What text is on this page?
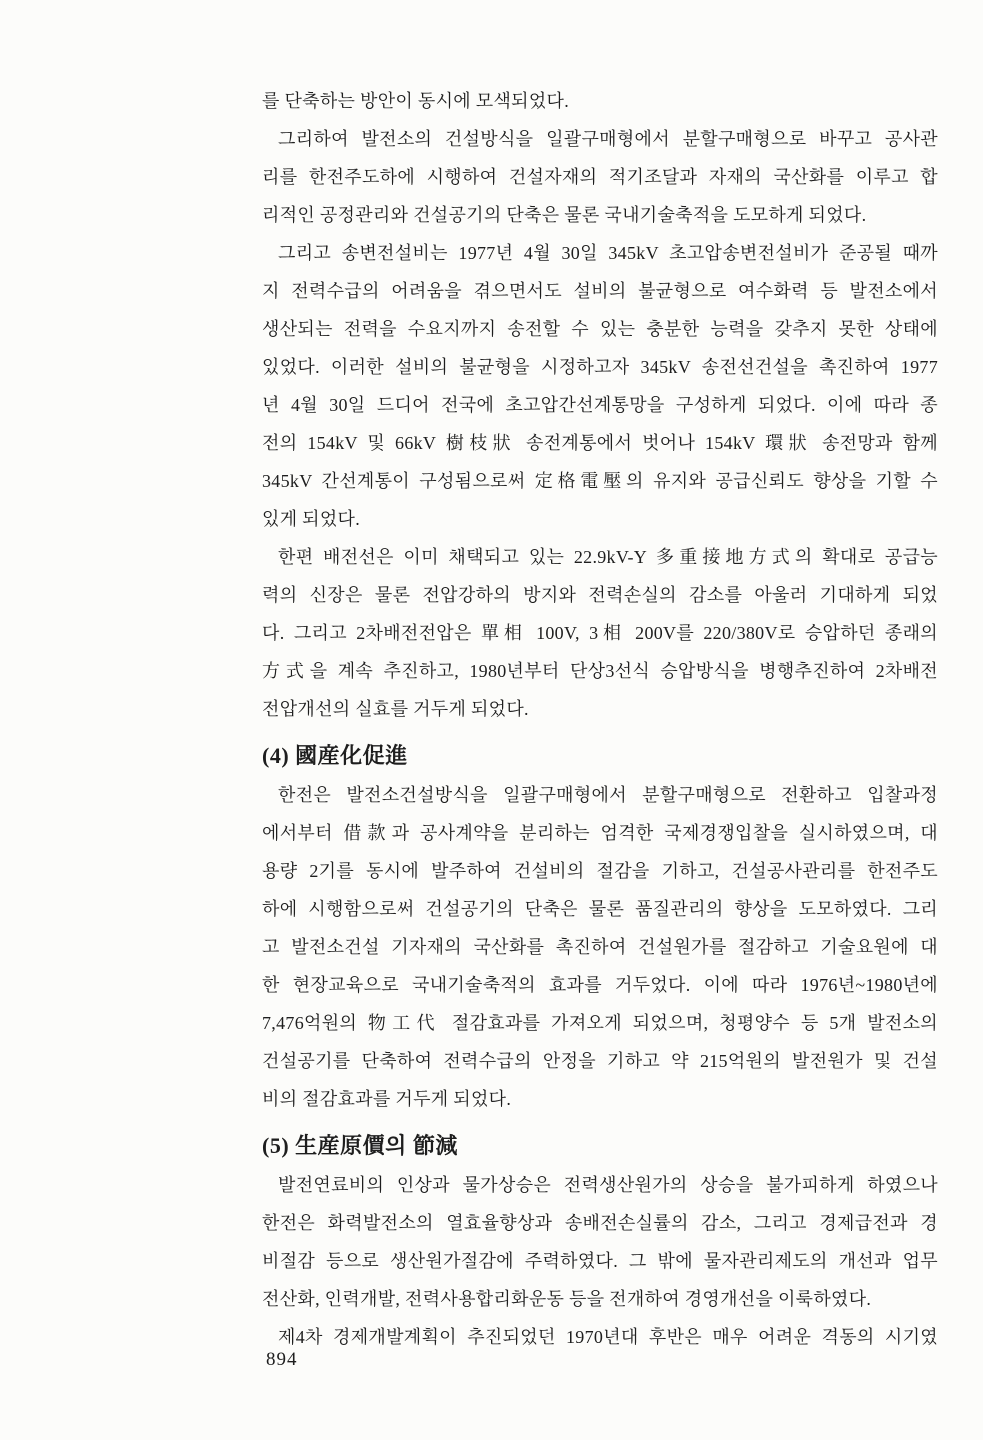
를 단축하는 방안이 동시에 모색되었다.
그리하여 발전소의 건설방식을 일괄구매형에서 분할구매형으로 바꾸고 공사관
리를 한전주도하에 시행하여 건설자재의 적기조달과 자재의 국산화를 이루고 합
리적인 공정관리와 건설공기의 단축은 물론 국내기술축적을 도모하게 되었다.
그리고 송변전설비는 1977년 4월 30일 345kV 초고압송변전설비가 준공될 때까
지 전력수급의 어려움을 겪으면서도 설비의 불균형으로 여수화력 등 발전소에서
생산되는 전력을 수요지까지 송전할 수 있는 충분한 능력을 갖추지 못한 상태에
있었다. 이러한 설비의 불균형을 시정하고자 345kV 송전선건설을 촉진하여 1977
년 4월 30일 드디어 전국에 초고압간선계통망을 구성하게 되었다. 이에 따라 종
전의 154kV 및 66kV 樹枝狀 송전계통에서 벗어나 154kV 環狀 송전망과 함께
345kV 간선계통이 구성됨으로써 定格電壓의 유지와 공급신뢰도 향상을 기할 수
있게 되었다.
한편 배전선은 이미 채택되고 있는 22.9kV-Y 多重接地方式의 확대로 공급능
력의 신장은 물론 전압강하의 방지와 전력손실의 감소를 아울러 기대하게 되었
다. 그리고 2차배전전압은 單相 100V, 3相 200V를 220/380V로 승압하던 종래의
方式을 계속 추진하고, 1980년부터 단상3선식 승압방식을 병행추진하여 2차배전
전압개선의 실효를 거두게 되었다.
(4) 國産化促進
한전은 발전소건설방식을 일괄구매형에서 분할구매형으로 전환하고 입찰과정
에서부터 借款과 공사계약을 분리하는 엄격한 국제경쟁입찰을 실시하였으며, 대
용량 2기를 동시에 발주하여 건설비의 절감을 기하고, 건설공사관리를 한전주도
하에 시행함으로써 건설공기의 단축은 물론 품질관리의 향상을 도모하였다. 그리
고 발전소건설 기자재의 국산화를 촉진하여 건설원가를 절감하고 기술요원에 대
한 현장교육으로 국내기술축적의 효과를 거두었다. 이에 따라 1976년~1980년에
7,476억원의 物工代 절감효과를 가져오게 되었으며, 청평양수 등 5개 발전소의
건설공기를 단축하여 전력수급의 안정을 기하고 약 215억원의 발전원가 및 건설
비의 절감효과를 거두게 되었다.
(5) 生産原價의 節減
발전연료비의 인상과 물가상승은 전력생산원가의 상승을 불가피하게 하였으나
한전은 화력발전소의 열효율향상과 송배전손실률의 감소, 그리고 경제급전과 경
비절감 등으로 생산원가절감에 주력하였다. 그 밖에 물자관리제도의 개선과 업무
전산화, 인력개발, 전력사용합리화운동 등을 전개하여 경영개선을 이룩하였다.
제4차 경제개발계획이 추진되었던 1970년대 후반은 매우 어려운 격동의 시기였
894
